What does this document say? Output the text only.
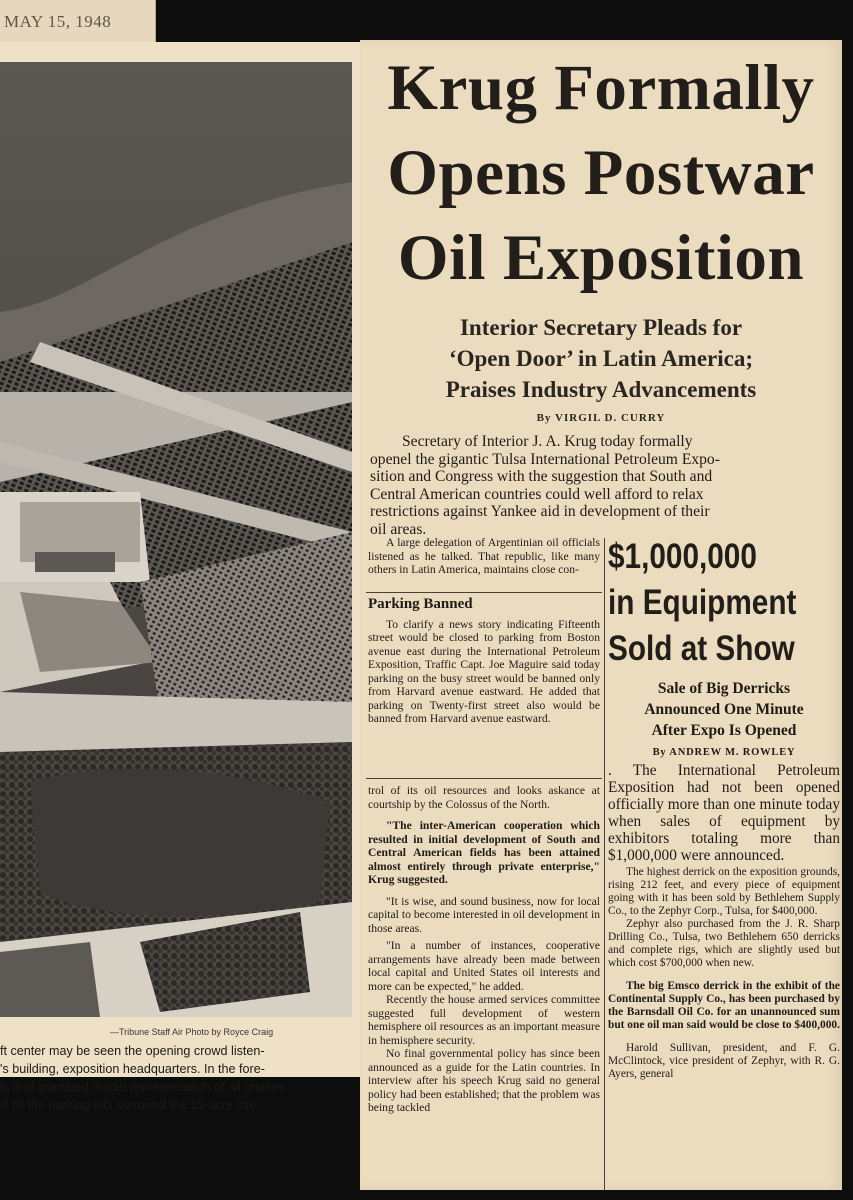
MAY 15, 1948
—Tribune Staff Air Photo by Royce Craig
ft center may be seen the opening crowd listen-
's building, exposition headquarters. In the fore-
ic and animated model representation of all phases
ill fill the parking lots surround the 15-acre site.
Krug Formally
Opens Postwar
Oil Exposition
Interior Secretary Pleads for
‘Open Door’ in Latin America;
Praises Industry Advancements
By VIRGIL D. CURRY
Secretary of Interior J. A. Krug today formally
openel the gigantic Tulsa International Petroleum Expo-
sition and Congress with the suggestion that South and
Central American countries could well afford to relax
restrictions against Yankee aid in development of their
oil areas.

A large delegation of Argentinian oil officials listened as he talked. That republic, like many others in Latin America, maintains close con-

Parking Banned

To clarify a news story indicating Fifteenth street would be closed to parking from Boston avenue east during the International Petroleum Exposition, Traffic Capt. Joe Maguire said today parking on the busy street would be banned only from Harvard avenue eastward. He added that parking on Twenty-first street also would be banned from Harvard avenue eastward.

trol of its oil resources and looks askance at courtship by the Colossus of the North.

"The inter-American cooperation which resulted in initial development of South and Central American fields has been attained almost entirely through private enterprise," Krug suggested.

"It is wise, and sound business, now for local capital to become interested in oil development in those areas.

"In a number of instances, cooperative arrangements have already been made between local capital and United States oil interests and more can be expected," he added.

Recently the house armed services committee suggested full development of western hemisphere oil resources as an important measure in hemisphere security.

No final governmental policy has since been announced as a guide for the Latin countries. In interview after his speech Krug said no general policy had been established; that the problem was being tackled

$1,000,000
in Equipment
Sold at Show
Sale of Big Derricks
Announced One Minute
After Expo Is Opened
By ANDREW M. ROWLEY
. The International Petroleum Exposition had not been opened officially more than one minute today when sales of equipment by exhibitors totaling more than $1,000,000 were announced.

The highest derrick on the exposition grounds, rising 212 feet, and every piece of equipment going with it has been sold by Bethlehem Supply Co., to the Zephyr Corp., Tulsa, for $400,000.

Zephyr also purchased from the J. R. Sharp Drilling Co., Tulsa, two Bethlehem 650 derricks and complete rigs, which are slightly used but which cost $700,000 when new.

The big Emsco derrick in the exhibit of the Continental Supply Co., has been purchased by the Barnsdall Oil Co. for an unannounced sum but one oil man said would be close to $400,000.

Harold Sullivan, president, and F. G. McClintock, vice president of Zephyr, with R. G. Ayers, general
